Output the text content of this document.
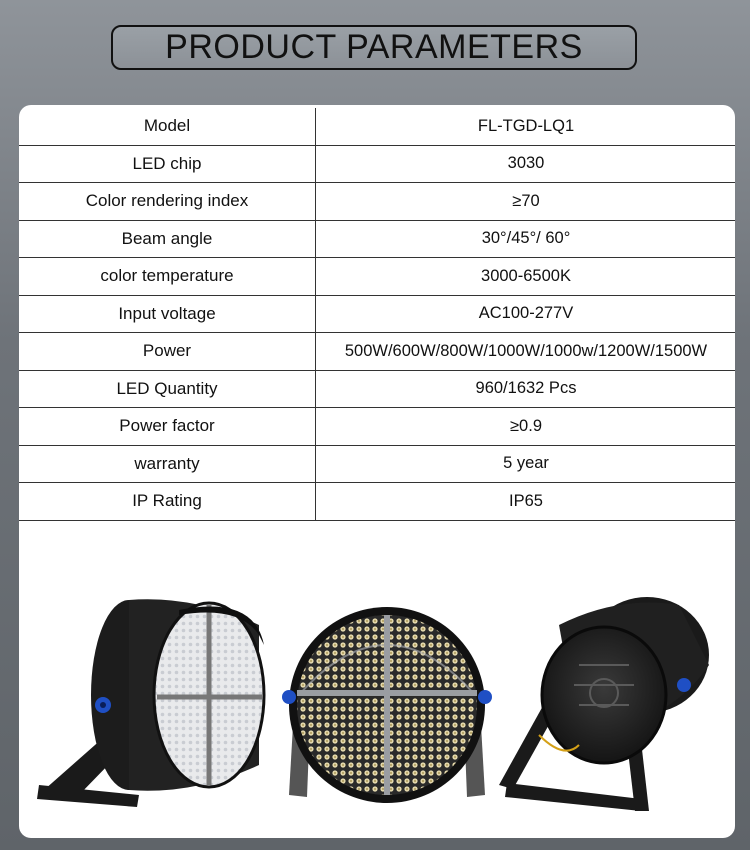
PRODUCT PARAMETERS
Model	FL-TGD-LQ1
LED chip	3030
Color rendering index	≥70
Beam angle	30°/45°/ 60°
color temperature	3000-6500K
Input voltage	AC100-277V
Power	500W/600W/800W/1000W/1000w/1200W/1500W
LED Quantity	960/1632 Pcs
Power factor	≥0.9
warranty	5 year
IP Rating	IP65
